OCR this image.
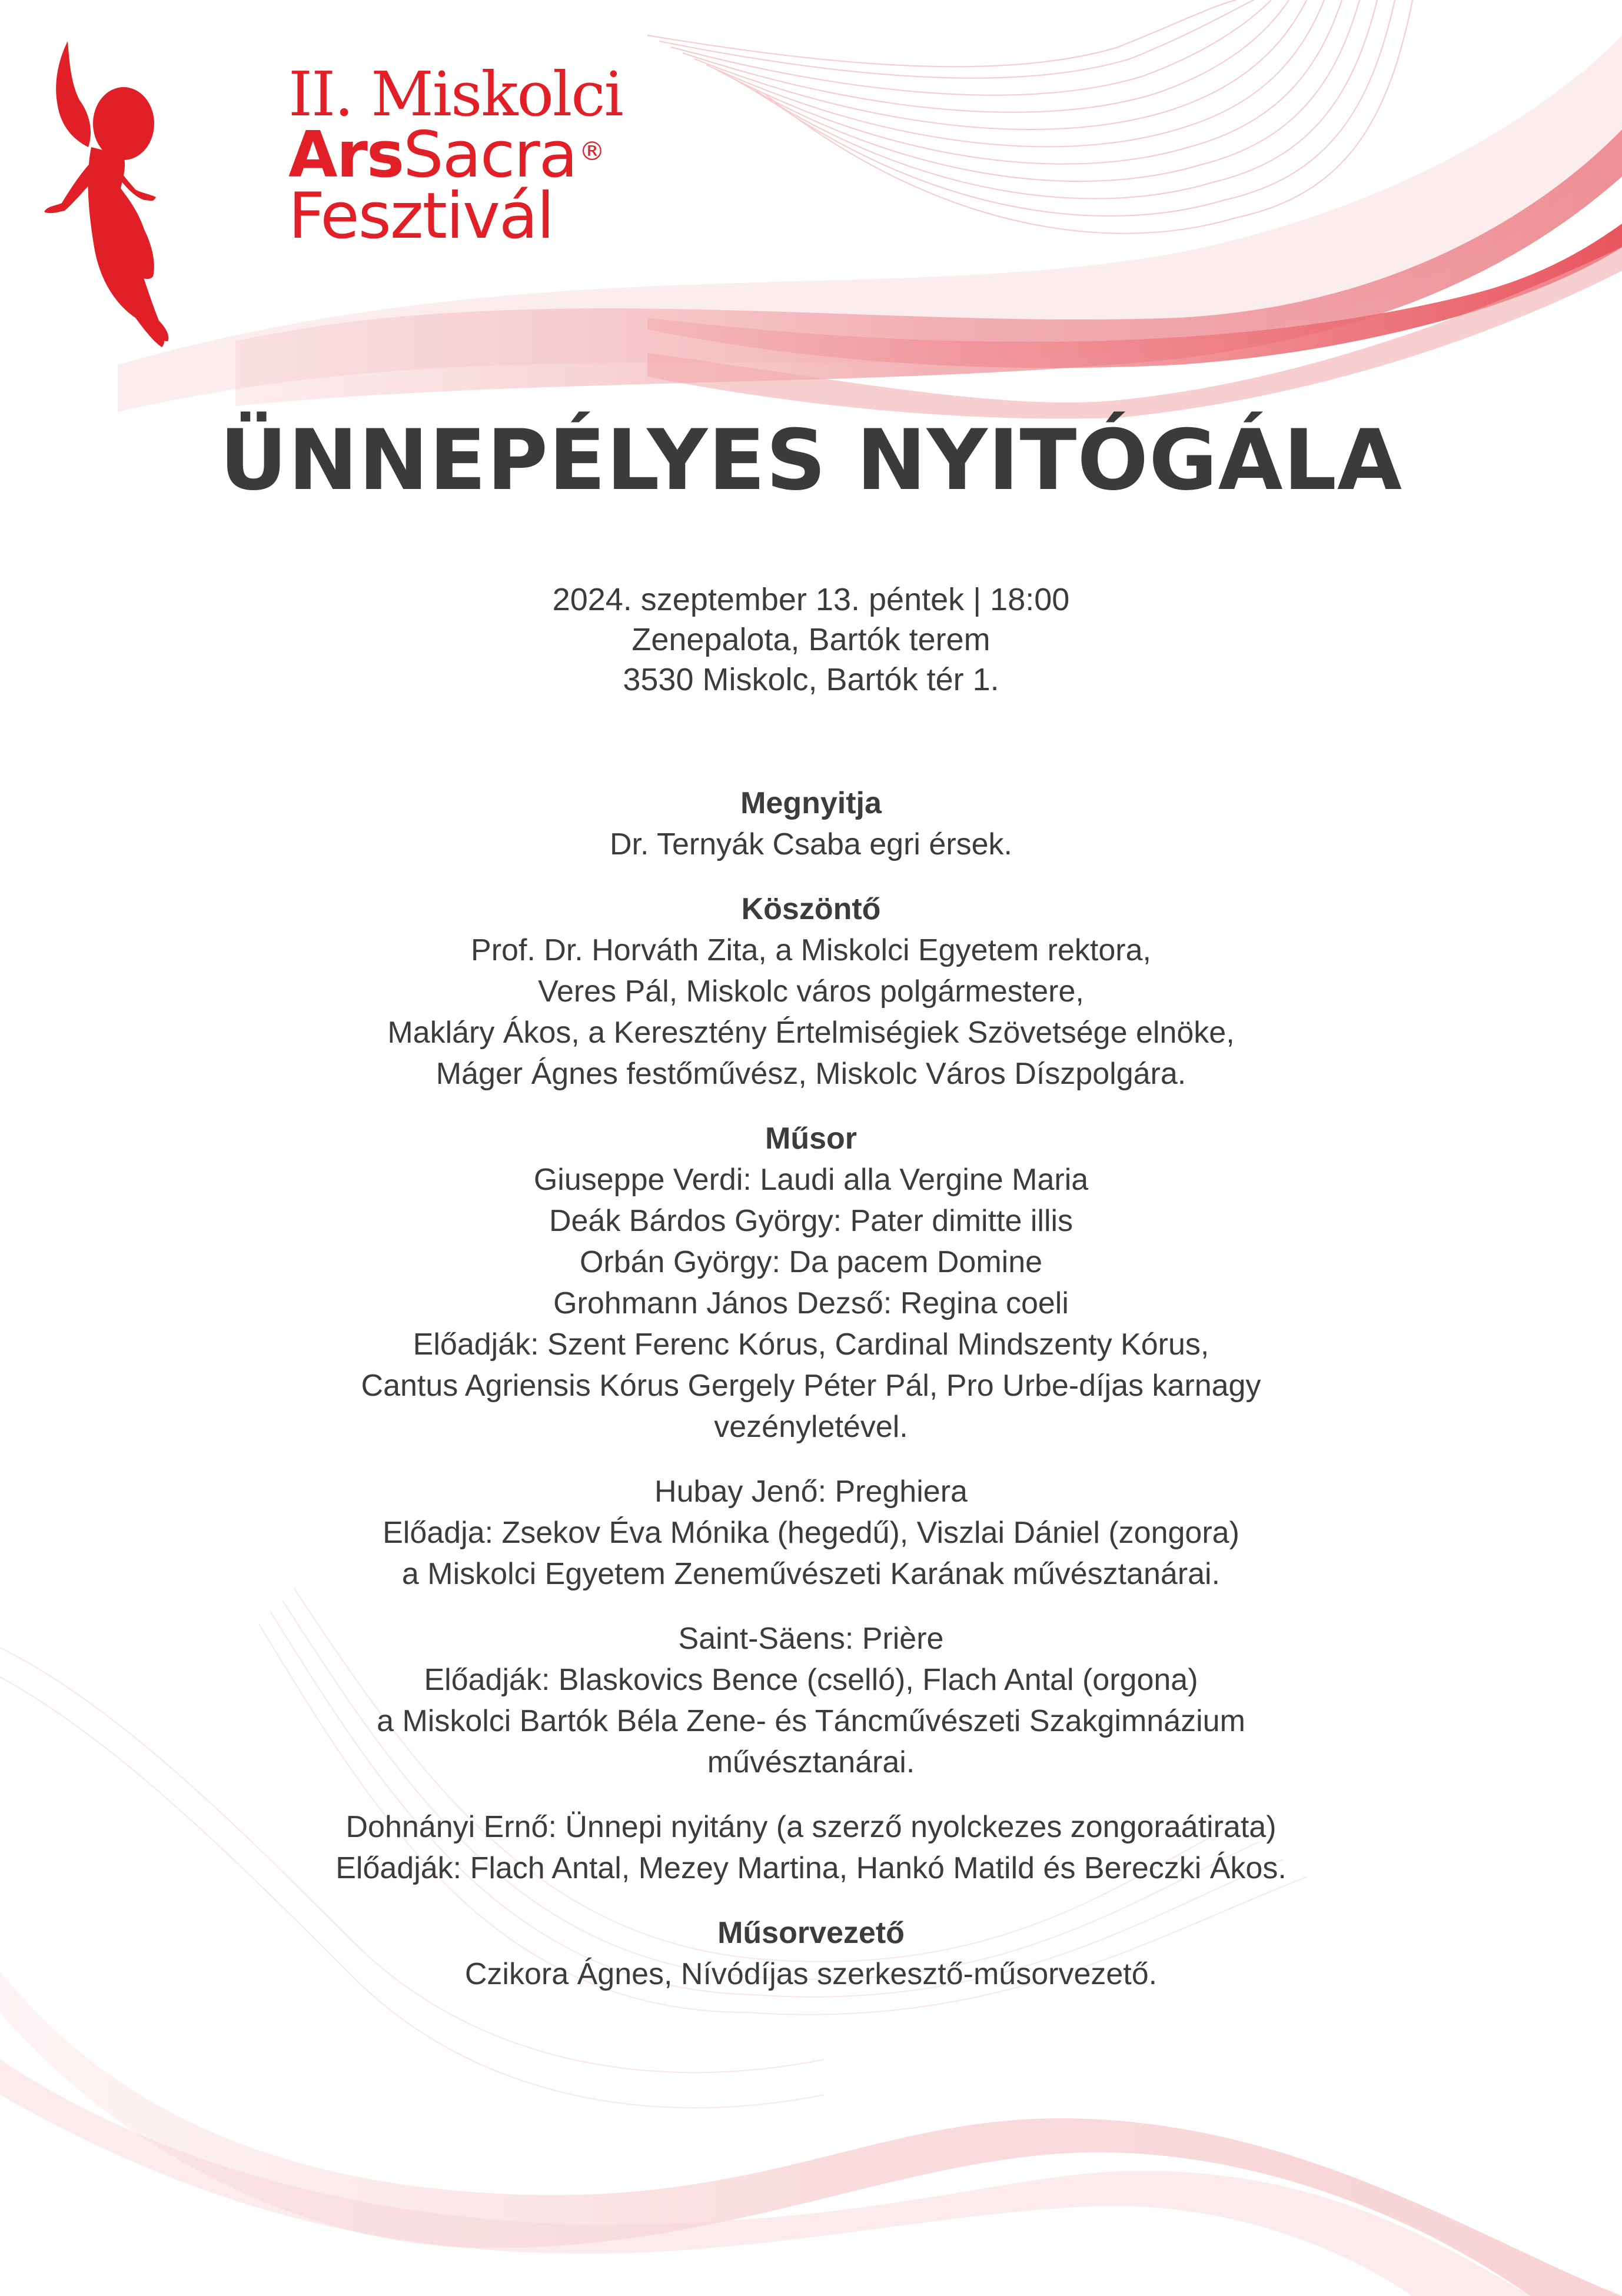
II. Miskolci
ArsSacra®
Fesztivál
ÜNNEPÉLYES NYITÓGÁLA
2024. szeptember 13. péntek | 18:00
Zenepalota, Bartók terem
3530 Miskolc, Bartók tér 1.
Megnyitja
Dr. Ternyák Csaba egri érsek.
Köszöntő
Prof. Dr. Horváth Zita, a Miskolci Egyetem rektora,
Veres Pál, Miskolc város polgármestere,
Makláry Ákos, a Keresztény Értelmiségiek Szövetsége elnöke,
Máger Ágnes festőművész, Miskolc Város Díszpolgára.
Műsor
Giuseppe Verdi: Laudi alla Vergine Maria
Deák Bárdos György: Pater dimitte illis
Orbán György: Da pacem Domine
Grohmann János Dezső: Regina coeli
Előadják: Szent Ferenc Kórus, Cardinal Mindszenty Kórus,
Cantus Agriensis Kórus Gergely Péter Pál, Pro Urbe-díjas karnagy
vezényletével.
Hubay Jenő: Preghiera
Előadja: Zsekov Éva Mónika (hegedű), Viszlai Dániel (zongora)
a Miskolci Egyetem Zeneművészeti Karának művésztanárai.
Saint-Säens: Prière
Előadják: Blaskovics Bence (cselló), Flach Antal (orgona)
a Miskolci Bartók Béla Zene- és Táncművészeti Szakgimnázium
művésztanárai.
Dohnányi Ernő: Ünnepi nyitány (a szerző nyolckezes zongoraátirata)
Előadják: Flach Antal, Mezey Martina, Hankó Matild és Bereczki Ákos.
Műsorvezető
Czikora Ágnes, Nívódíjas szerkesztő-műsorvezető.
